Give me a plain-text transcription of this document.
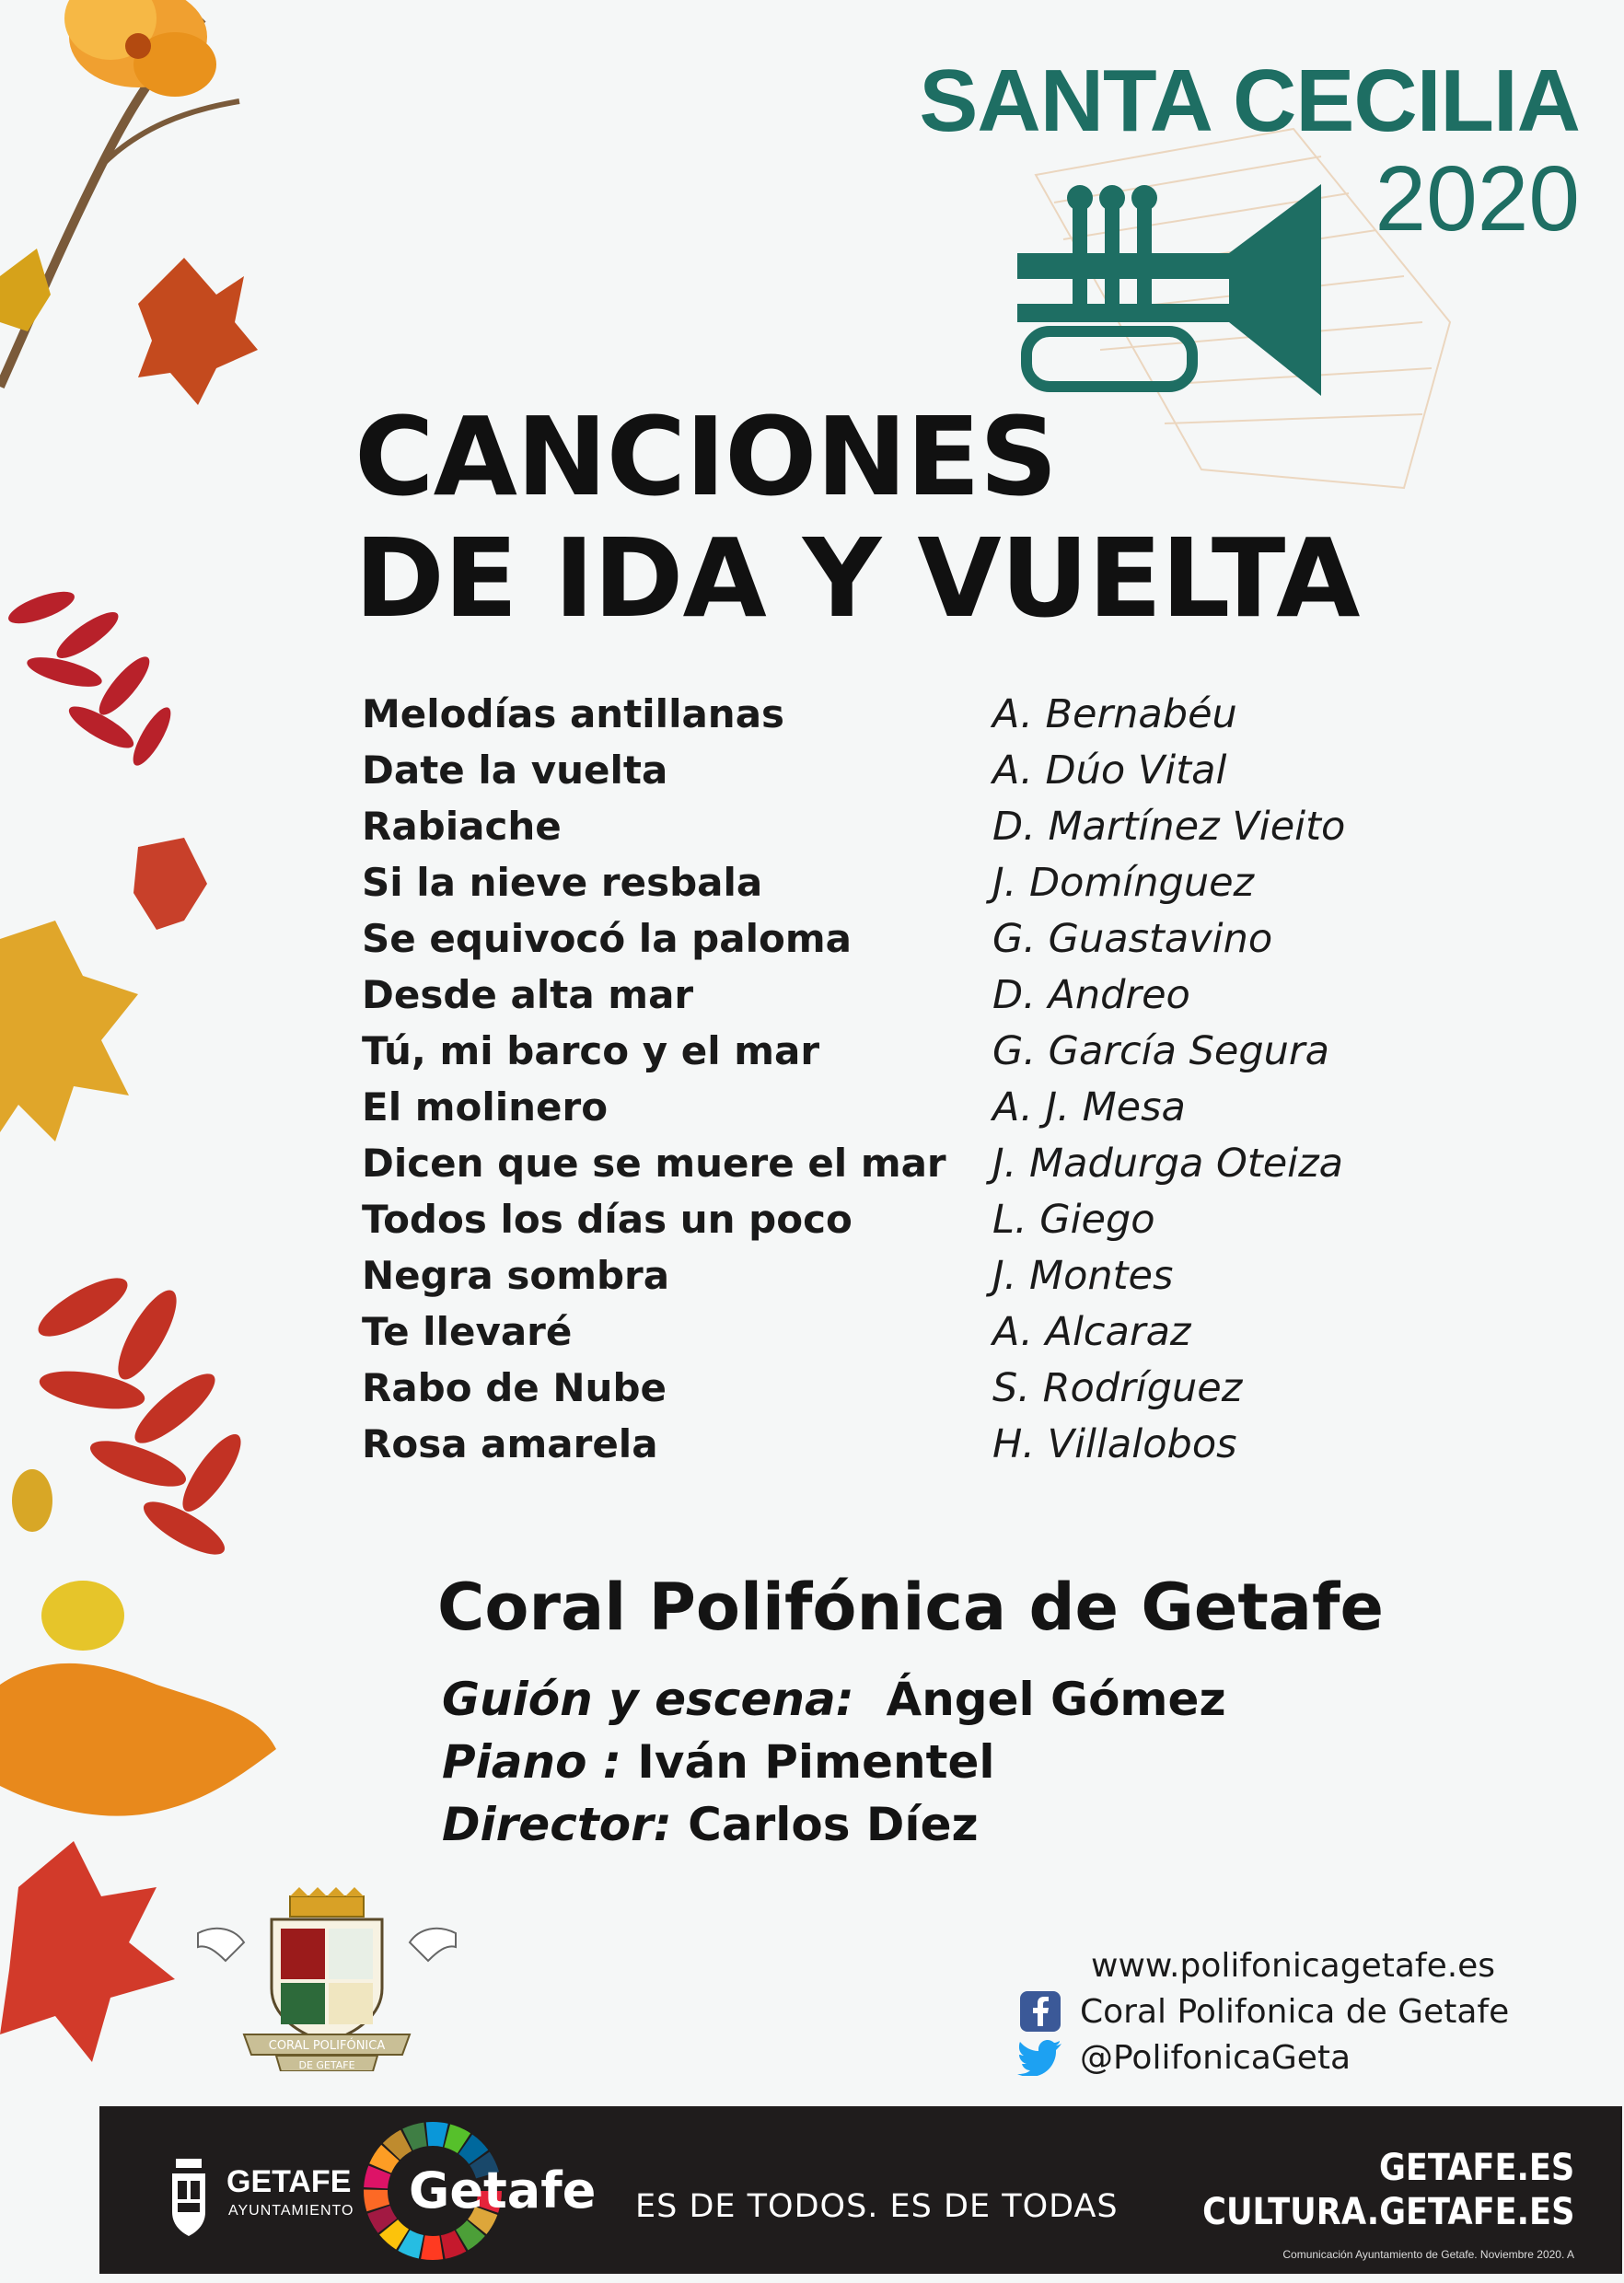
SANTA CECILIA
2020
CANCIONES
DE IDA Y VUELTA
Melodías antillanas	A. Bernabéu
Date la vuelta	A. Dúo Vital
Rabiache	D. Martínez Vieito
Si la nieve resbala	J. Domínguez
Se equivocó la paloma	G. Guastavino
Desde alta mar	D. Andreo
Tú, mi barco y el mar	G. García Segura
El molinero	A. J. Mesa
Dicen que se muere el mar	J. Madurga Oteiza
Todos los días un poco	L. Giego
Negra sombra	J. Montes
Te llevaré	A. Alcaraz
Rabo de Nube	S. Rodríguez
Rosa amarela	H. Villalobos
Coral Polifónica de Getafe
Guión y escena:  Ángel Gómez
Piano : Iván Pimentel
Director: Carlos Díez
CORAL POLIFÓNICA
DE GETAFE
www.polifonicagetafe.es
Coral Polifonica de Getafe
@PolifonicaGeta
GETAFE
AYUNTAMIENTO Getafe ES DE TODOS. ES DE TODAS
GETAFE.ES
CULTURA.GETAFE.ES
Comunicación Ayuntamiento de Getafe. Noviembre 2020. A
